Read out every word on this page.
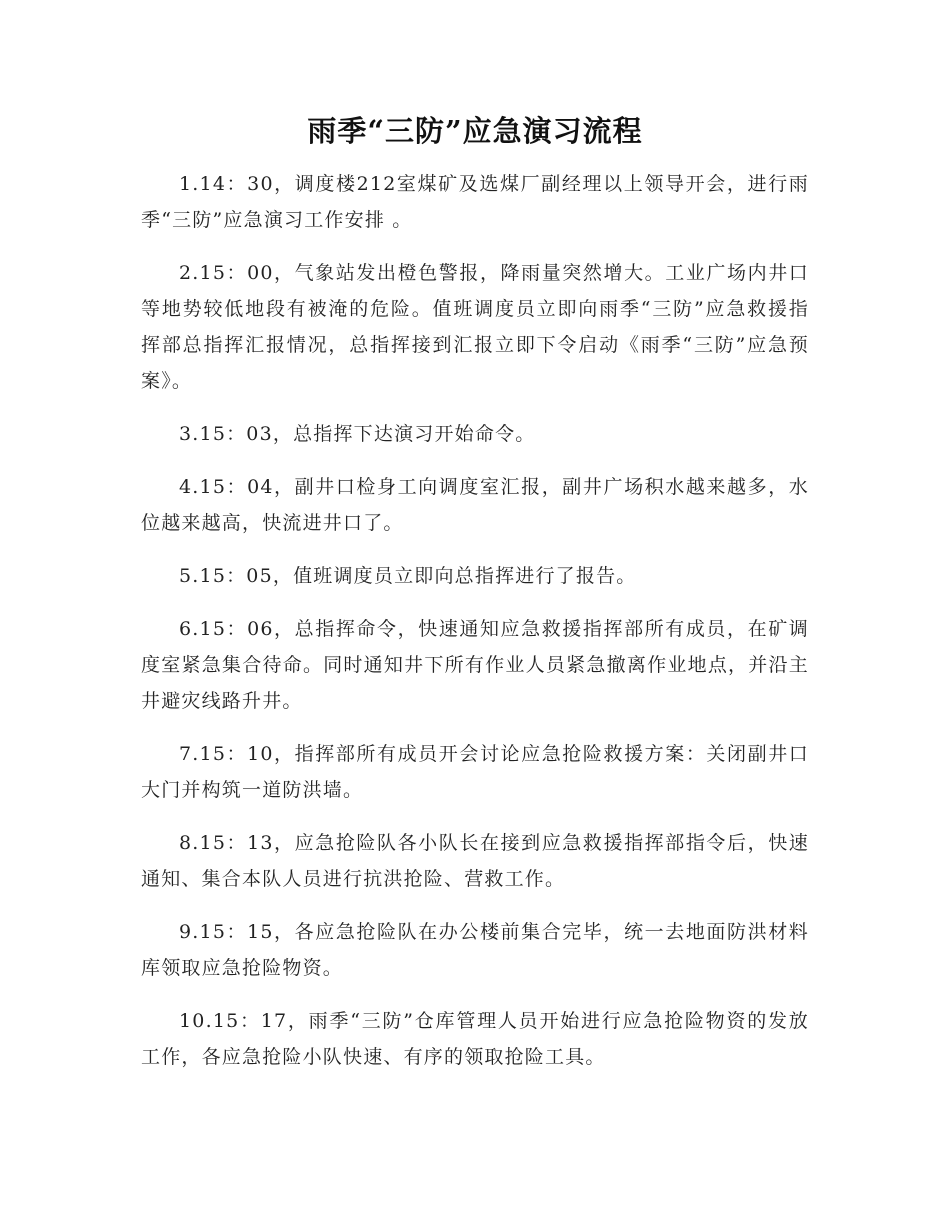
雨季“三防”应急演习流程

1.14：30，调度楼212室煤矿及选煤厂副经理以上领导开会，进行雨季“三防”应急演习工作安排 。

2.15：00，气象站发出橙色警报，降雨量突然增大。工业广场内井口等地势较低地段有被淹的危险。值班调度员立即向雨季“三防”应急救援指挥部总指挥汇报情况，总指挥接到汇报立即下令启动《雨季“三防”应急预案》。

3.15：03，总指挥下达演习开始命令。

4.15：04，副井口检身工向调度室汇报，副井广场积水越来越多，水位越来越高，快流进井口了。

5.15：05，值班调度员立即向总指挥进行了报告。

6.15：06，总指挥命令，快速通知应急救援指挥部所有成员，在矿调度室紧急集合待命。同时通知井下所有作业人员紧急撤离作业地点，并沿主井避灾线路升井。

7.15：10，指挥部所有成员开会讨论应急抢险救援方案：关闭副井口大门并构筑一道防洪墙。

8.15：13，应急抢险队各小队长在接到应急救援指挥部指令后，快速通知、集合本队人员进行抗洪抢险、营救工作。

9.15：15，各应急抢险队在办公楼前集合完毕，统一去地面防洪材料库领取应急抢险物资。

10.15：17，雨季“三防”仓库管理人员开始进行应急抢险物资的发放工作，各应急抢险小队快速、有序的领取抢险工具。
